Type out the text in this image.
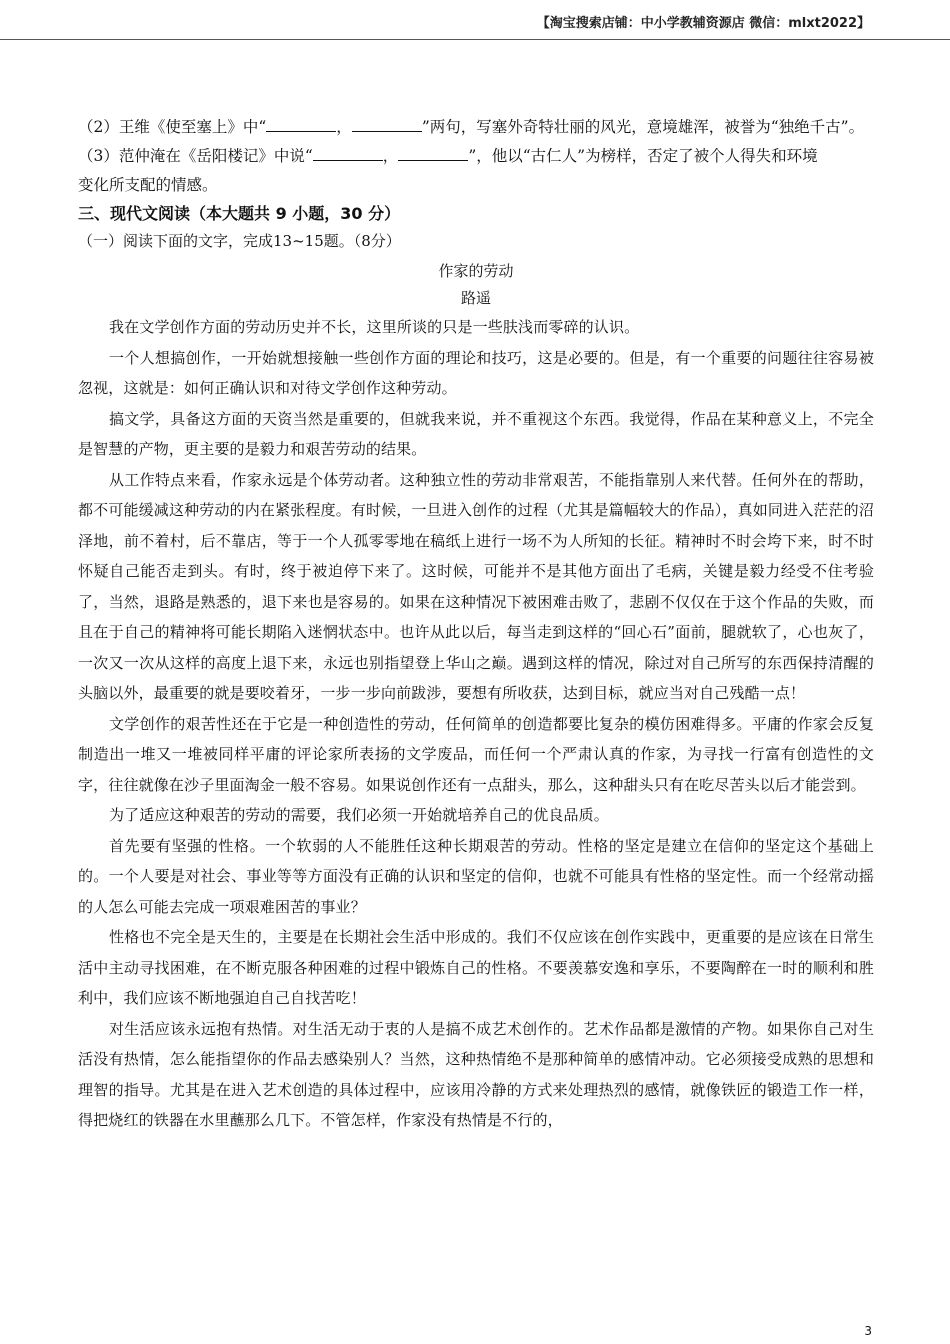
【淘宝搜索店铺：中小学教辅资源店 微信：mlxt2022】

（2）王维《使至塞上》中“	，	”两句，写塞外奇特壮丽的风光，意境雄浑，被誉为“独绝千古”。

（3）范仲淹在《岳阳楼记》中说“	，	”，他以“古仁人”为榜样，否定了被个人得失和环境

变化所支配的情感。

三、现代文阅读（本大题共 9 小题，30 分）

（一）阅读下面的文字，完成13~15题。（8分）

作家的劳动

路遥

我在文学创作方面的劳动历史并不长，这里所谈的只是一些肤浅而零碎的认识。

一个人想搞创作，一开始就想接触一些创作方面的理论和技巧，这是必要的。但是，有一个重要的问题往往容易被忽视，这就是：如何正确认识和对待文学创作这种劳动。

搞文学，具备这方面的天资当然是重要的，但就我来说，并不重视这个东西。我觉得，作品在某种意义上，不完全是智慧的产物，更主要的是毅力和艰苦劳动的结果。

从工作特点来看，作家永远是个体劳动者。这种独立性的劳动非常艰苦，不能指靠别人来代替。任何外在的帮助，都不可能缓减这种劳动的内在紧张程度。有时候，一旦进入创作的过程（尤其是篇幅较大的作品），真如同进入茫茫的沼泽地，前不着村，后不靠店，等于一个人孤零零地在稿纸上进行一场不为人所知的长征。精神时不时会垮下来，时不时怀疑自己能否走到头。有时，终于被迫停下来了。这时候，可能并不是其他方面出了毛病，关键是毅力经受不住考验了，当然，退路是熟悉的，退下来也是容易的。如果在这种情况下被困难击败了，悲剧不仅仅在于这个作品的失败，而且在于自己的精神将可能长期陷入迷惘状态中。也许从此以后，每当走到这样的“回心石”面前，腿就软了，心也灰了，一次又一次从这样的高度上退下来，永远也别指望登上华山之巅。遇到这样的情况，除过对自己所写的东西保持清醒的头脑以外，最重要的就是要咬着牙，一步一步向前跋涉，要想有所收获，达到目标，就应当对自己残酷一点！

文学创作的艰苦性还在于它是一种创造性的劳动，任何简单的创造都要比复杂的模仿困难得多。平庸的作家会反复制造出一堆又一堆被同样平庸的评论家所表扬的文学废品，而任何一个严肃认真的作家，为寻找一行富有创造性的文字，往往就像在沙子里面淘金一般不容易。如果说创作还有一点甜头，那么，这种甜头只有在吃尽苦头以后才能尝到。

为了适应这种艰苦的劳动的需要，我们必须一开始就培养自己的优良品质。

首先要有坚强的性格。一个软弱的人不能胜任这种长期艰苦的劳动。性格的坚定是建立在信仰的坚定这个基础上的。一个人要是对社会、事业等等方面没有正确的认识和坚定的信仰，也就不可能具有性格的坚定性。而一个经常动摇的人怎么可能去完成一项艰难困苦的事业？

性格也不完全是天生的，主要是在长期社会生活中形成的。我们不仅应该在创作实践中，更重要的是应该在日常生活中主动寻找困难，在不断克服各种困难的过程中锻炼自己的性格。不要羡慕安逸和享乐，不要陶醉在一时的顺利和胜利中，我们应该不断地强迫自己自找苦吃！

对生活应该永远抱有热情。对生活无动于衷的人是搞不成艺术创作的。艺术作品都是激情的产物。如果你自己对生活没有热情，怎么能指望你的作品去感染别人？当然，这种热情绝不是那种简单的感情冲动。它必须接受成熟的思想和理智的指导。尤其是在进入艺术创造的具体过程中，应该用冷静的方式来处理热烈的感情，就像铁匠的锻造工作一样，得把烧红的铁器在水里蘸那么几下。不管怎样，作家没有热情是不行的，

3
